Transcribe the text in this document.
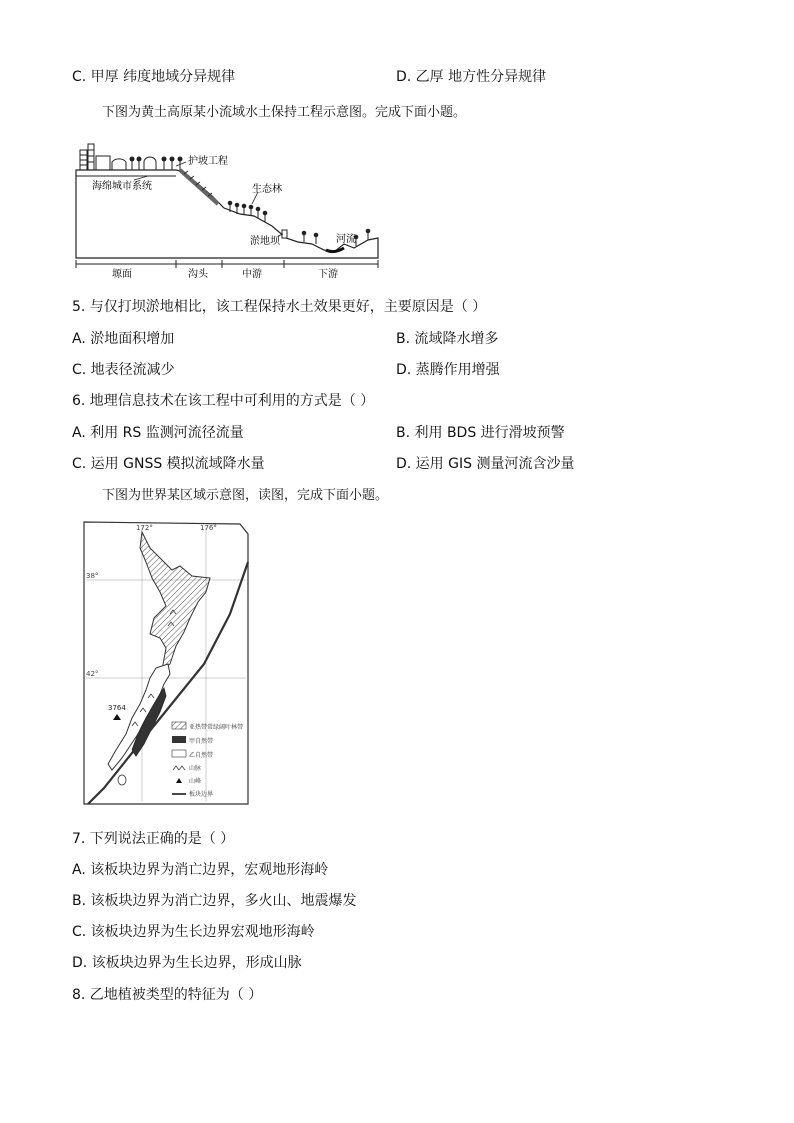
C. 甲厚 纬度地域分异规律	D. 乙厚 地方性分异规律
下图为黄土高原某小流域水土保持工程示意图。完成下面小题。
护坡工程
海绵城市系统	生态林
淤地坝	河流
塬面	沟头	中游	下游
5. 与仅打坝淤地相比，该工程保持水土效果更好，主要原因是（ ）
A. 淤地面积增加	B. 流域降水增多
C. 地表径流减少	D. 蒸腾作用增强
6. 地理信息技术在该工程中可利用的方式是（ ）
A. 利用 RS 监测河流径流量	B. 利用 BDS 进行滑坡预警
C. 运用 GNSS 模拟流域降水量	D. 运用 GIS 测量河流含沙量
下图为世界某区域示意图，读图，完成下面小题。
172°	176°
38°
42°
3764
亚热带常绿阔叶林带
甲自然带
乙自然带
山脉
山峰
板块边界
7. 下列说法正确的是（ ）
A. 该板块边界为消亡边界，宏观地形海岭
B. 该板块边界为消亡边界，多火山、地震爆发
C. 该板块边界为生长边界宏观地形海岭
D. 该板块边界为生长边界，形成山脉
8. 乙地植被类型的特征为（ ）
